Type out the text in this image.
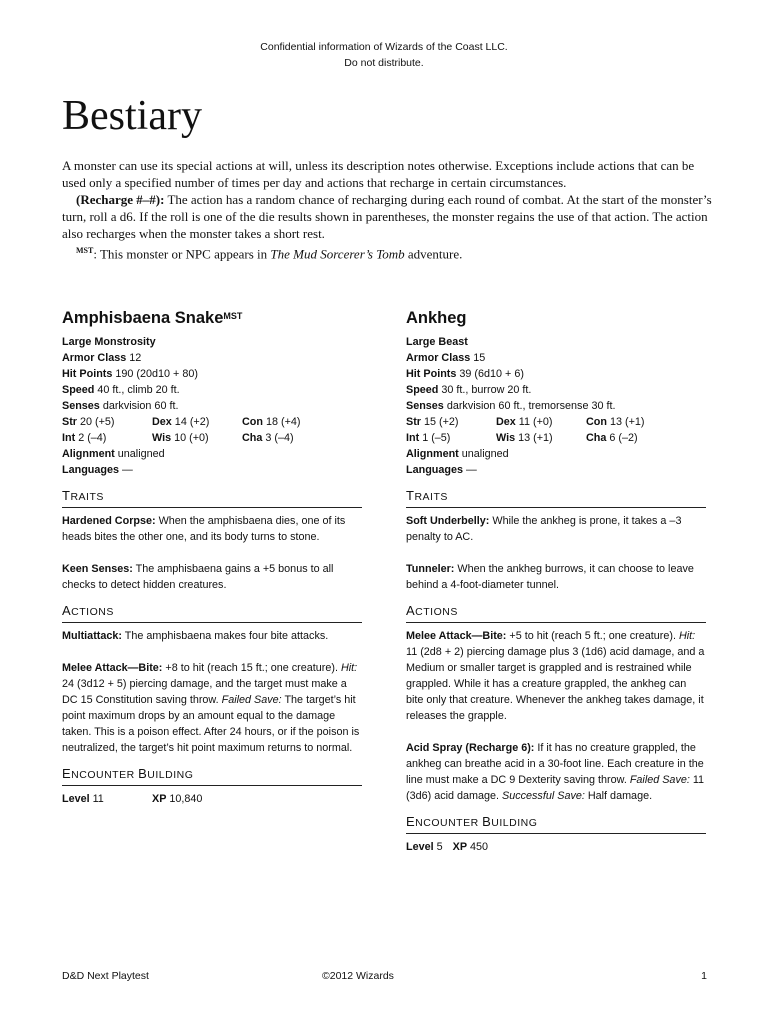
Confidential information of Wizards of the Coast LLC.
Do not distribute.
Bestiary

A monster can use its special actions at will, unless its description notes otherwise. Exceptions include actions that can be used only a specified number of times per day and actions that recharge in certain circumstances.

(Recharge #–#): The action has a random chance of recharging during each round of combat. At the start of the monster’s turn, roll a d6. If the roll is one of the die results shown in parentheses, the monster regains the use of that action. The action also recharges when the monster takes a short rest.

$^{MST}$: This monster or NPC appears in The Mud Sorcerer’s Tomb adventure.

Amphisbaena Snake$^{MST}$
Large Monstrosity
Armor Class 12
Hit Points 190 (20d10 + 80)
Speed 40 ft., climb 20 ft.
Senses darkvision 60 ft.
Str 20 (+5)	Dex 14 (+2)	Con 18 (+4)
Int 2 (–4)	Wis 10 (+0)	Cha 3 (–4)
Alignment unaligned
Languages —
TRAITS
Hardened Corpse: When the amphisbaena dies, one of its heads bites the other one, and its body turns to stone.
Keen Senses: The amphisbaena gains a +5 bonus to all checks to detect hidden creatures.
ACTIONS
Multiattack: The amphisbaena makes four bite attacks.
Melee Attack—Bite: +8 to hit (reach 15 ft.; one creature). Hit: 24 (3d12 + 5) piercing damage, and the target must make a DC 15 Constitution saving throw. Failed Save: The target’s hit point maximum drops by an amount equal to the damage taken. This is a poison effect. After 24 hours, or if the poison is neutralized, the target’s hit point maximum returns to normal.
ENCOUNTER BUILDING
Level 11	XP 10,840
Ankheg
Large Beast
Armor Class 15
Hit Points 39 (6d10 + 6)
Speed 30 ft., burrow 20 ft.
Senses darkvision 60 ft., tremorsense 30 ft.
Str 15 (+2)	Dex 11 (+0)	Con 13 (+1)
Int 1 (–5)	Wis 13 (+1)	Cha 6 (–2)
Alignment unaligned
Languages —
TRAITS
Soft Underbelly: While the ankheg is prone, it takes a –3 penalty to AC.
Tunneler: When the ankheg burrows, it can choose to leave behind a 4-foot-diameter tunnel.
ACTIONS
Melee Attack—Bite: +5 to hit (reach 5 ft.; one creature). Hit: 11 (2d8 + 2) piercing damage plus 3 (1d6) acid damage, and a Medium or smaller target is grappled and is restrained while grappled. While it has a creature grappled, the ankheg can bite only that creature. Whenever the ankheg takes damage, it releases the grapple.
Acid Spray (Recharge 6): If it has no creature grappled, the ankheg can breathe acid in a 30-foot line. Each creature in the line must make a DC 9 Dexterity saving throw. Failed Save: 11 (3d6) acid damage. Successful Save: Half damage.
ENCOUNTER BUILDING
Level 5 XP 450
D&D Next Playtest	©2012 Wizards	1
